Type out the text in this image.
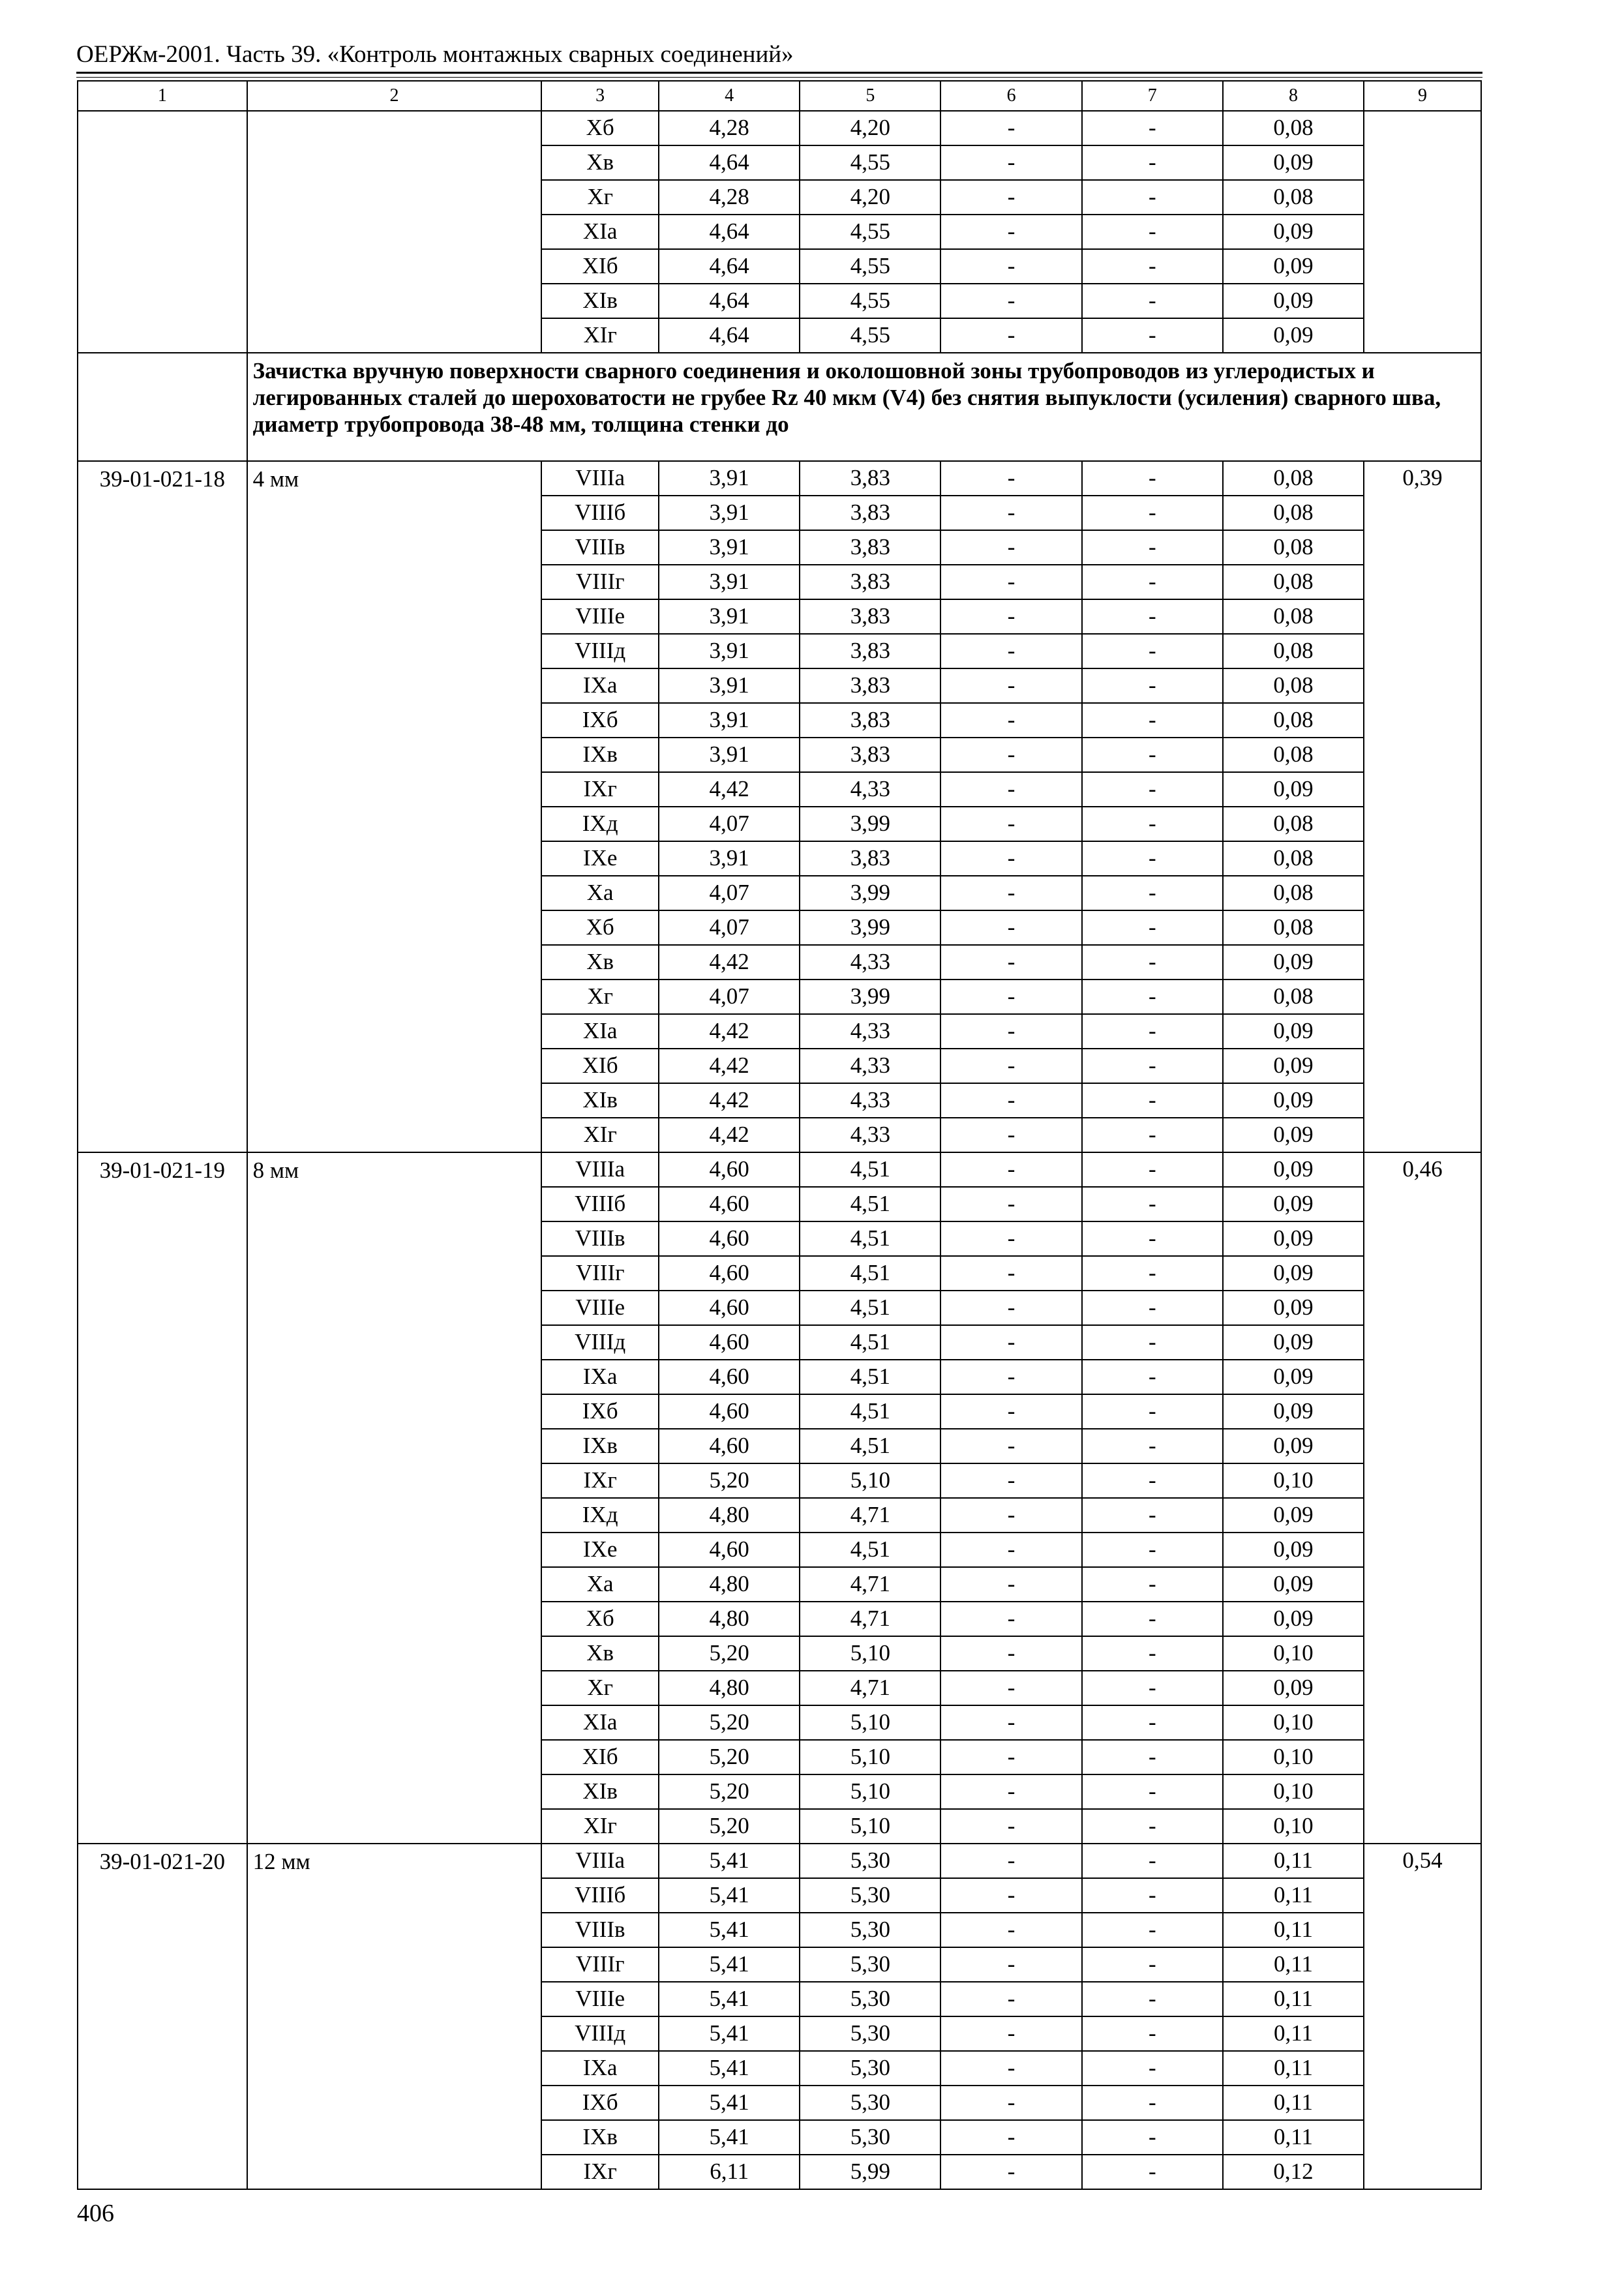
ОЕРЖм-2001. Часть 39. «Контроль монтажных сварных соединений»
1	2	3	4	5	6	7	8	9
		Xб	4,28	4,20	-	-	0,08	
		Xв	4,64	4,55	-	-	0,09	
		Xг	4,28	4,20	-	-	0,08	
		XIа	4,64	4,55	-	-	0,09	
		XIб	4,64	4,55	-	-	0,09	
		XIв	4,64	4,55	-	-	0,09	
		XIг	4,64	4,55	-	-	0,09	
	Зачистка вручную поверхности сварного соединения и околошовной зоны трубопроводов из углеродистых и легированных сталей до шероховатости не грубее Rz 40 мкм (V4) без снятия выпуклости (усиления) сварного шва, диаметр трубопровода 38-48 мм, толщина стенки до							
39-01-021-18	4 мм	VIIIа	3,91	3,83	-	-	0,08	0,39
		VIIIб	3,91	3,83	-	-	0,08	
		VIIIв	3,91	3,83	-	-	0,08	
		VIIIг	3,91	3,83	-	-	0,08	
		VIIIе	3,91	3,83	-	-	0,08	
		VIIIд	3,91	3,83	-	-	0,08	
		IXа	3,91	3,83	-	-	0,08	
		IXб	3,91	3,83	-	-	0,08	
		IXв	3,91	3,83	-	-	0,08	
		IXг	4,42	4,33	-	-	0,09	
		IXд	4,07	3,99	-	-	0,08	
		IXе	3,91	3,83	-	-	0,08	
		Xа	4,07	3,99	-	-	0,08	
		Xб	4,07	3,99	-	-	0,08	
		Xв	4,42	4,33	-	-	0,09	
		Xг	4,07	3,99	-	-	0,08	
		XIа	4,42	4,33	-	-	0,09	
		XIб	4,42	4,33	-	-	0,09	
		XIв	4,42	4,33	-	-	0,09	
		XIг	4,42	4,33	-	-	0,09	
39-01-021-19	8 мм	VIIIа	4,60	4,51	-	-	0,09	0,46
		VIIIб	4,60	4,51	-	-	0,09	
		VIIIв	4,60	4,51	-	-	0,09	
		VIIIг	4,60	4,51	-	-	0,09	
		VIIIе	4,60	4,51	-	-	0,09	
		VIIIд	4,60	4,51	-	-	0,09	
		IXа	4,60	4,51	-	-	0,09	
		IXб	4,60	4,51	-	-	0,09	
		IXв	4,60	4,51	-	-	0,09	
		IXг	5,20	5,10	-	-	0,10	
		IXд	4,80	4,71	-	-	0,09	
		IXе	4,60	4,51	-	-	0,09	
		Xа	4,80	4,71	-	-	0,09	
		Xб	4,80	4,71	-	-	0,09	
		Xв	5,20	5,10	-	-	0,10	
		Xг	4,80	4,71	-	-	0,09	
		XIа	5,20	5,10	-	-	0,10	
		XIб	5,20	5,10	-	-	0,10	
		XIв	5,20	5,10	-	-	0,10	
		XIг	5,20	5,10	-	-	0,10	
39-01-021-20	12 мм	VIIIа	5,41	5,30	-	-	0,11	0,54
		VIIIб	5,41	5,30	-	-	0,11	
		VIIIв	5,41	5,30	-	-	0,11	
		VIIIг	5,41	5,30	-	-	0,11	
		VIIIе	5,41	5,30	-	-	0,11	
		VIIIд	5,41	5,30	-	-	0,11	
		IXа	5,41	5,30	-	-	0,11	
		IXб	5,41	5,30	-	-	0,11	
		IXв	5,41	5,30	-	-	0,11	
		IXг	6,11	5,99	-	-	0,12	
406
